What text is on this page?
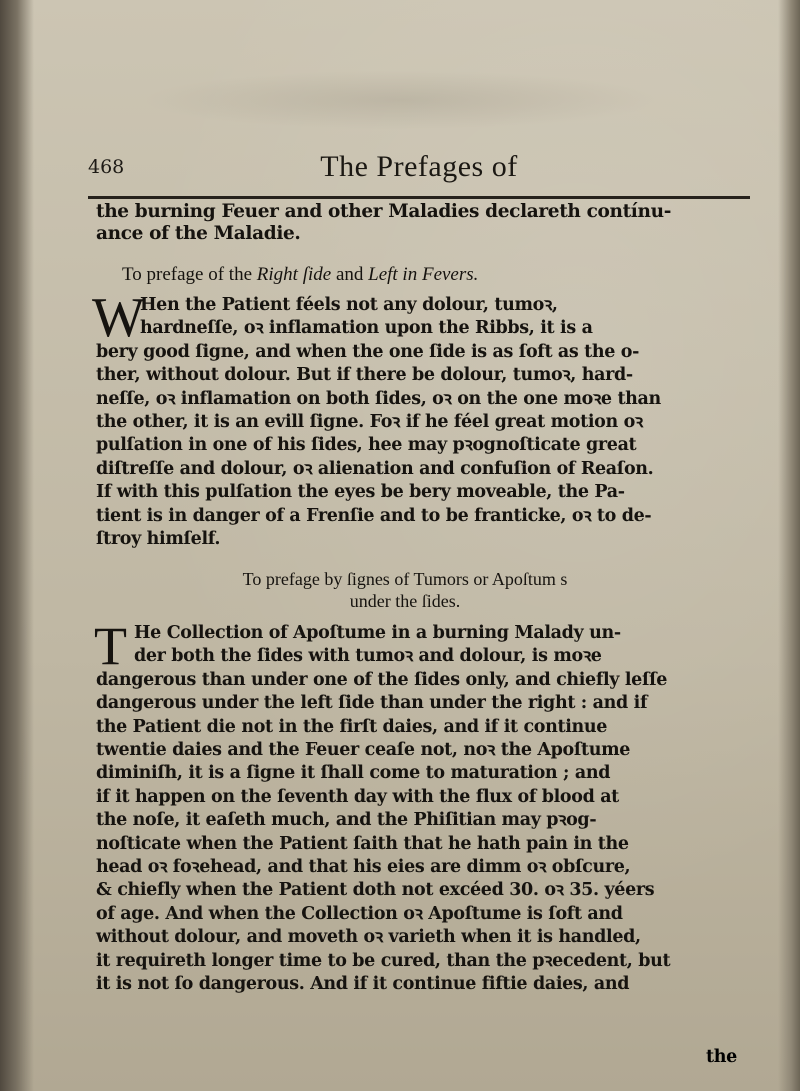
468	The Prefages of
the burning Feuer and other Maladies declareth contínu‑
ance of the Maladie.
To prefage of the Right ſide and Left in Fevers.
W
Hen the Patient féels not any dolour, tumoꝛ,
hardneſſe, oꝛ inflamation upon the Ribbs, it is a
bery good ſigne, and when the one ſide is as ſoft as the o‑
ther, without dolour. But if there be dolour, tumoꝛ, hard‑
neſſe, oꝛ inflamation on both ſides, oꝛ on the one moꝛe than
the other, it is an evill ſigne. Foꝛ if he féel great motion oꝛ
pulſation in one of his ſides, hee may pꝛognoſticate great
diſtreſſe and dolour, oꝛ alienation and confuſion of Reaſon.
If with this pulſation the eyes be bery moveable, the Pa‑
tient is in danger of a Frenſie and to be franticke, oꝛ to de‑
ſtroy himſelf.
To prefage by ſignes of Tumors or Apoſtum s
under the ſides.
T He Collection of Apoſtume in a burning Malady un‑
der both the ſides with tumoꝛ and dolour, is moꝛe
dangerous than under one of the ſides only, and chiefly leſſe
dangerous under the left ſide than under the right : and if
the Patient die not in the firſt daies, and if it continue
twentie daies and the Feuer ceaſe not, noꝛ the Apoſtume
diminiſh, it is a ſigne it ſhall come to maturation ; and
if it happen on the ſeventh day with the flux of blood at
the noſe, it eaſeth much, and the Phiſitian may pꝛog‑
noſticate when the Patient ſaith that he hath pain in the
head oꝛ foꝛehead, and that his eies are dimm oꝛ obſcure,
& chiefly when the Patient doth not excéed 30. oꝛ 35. yéers
of age. And when the Collection oꝛ Apoſtume is ſoft and
without dolour, and moveth oꝛ varieth when it is handled,
it requireth longer time to be cured, than the pꝛecedent, but
it is not ſo dangerous. And if it continue fiftie daies, and
the
